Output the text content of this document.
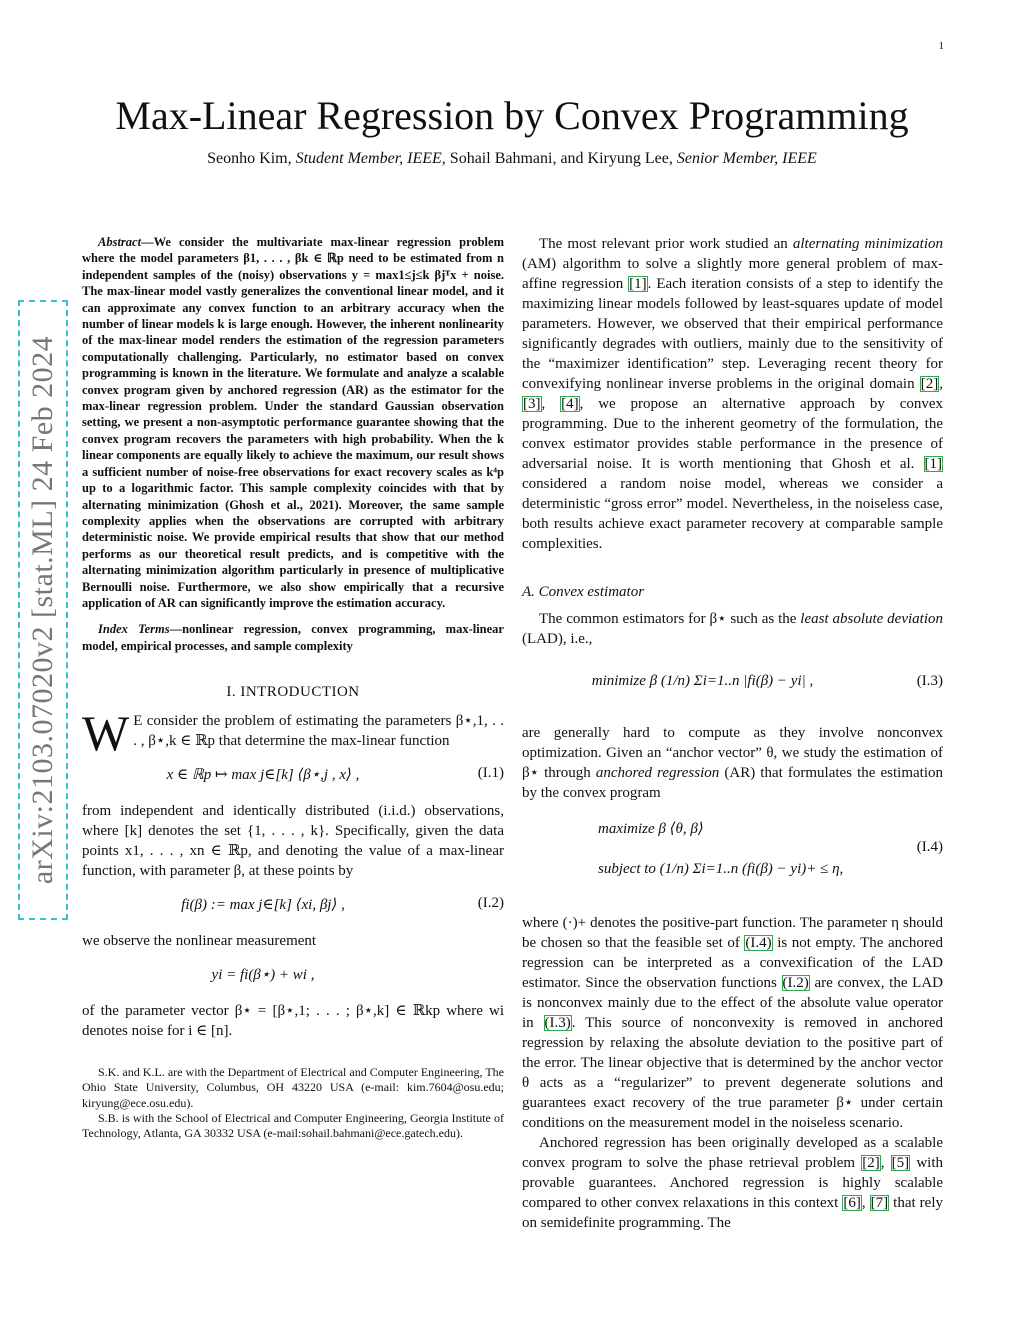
1
arXiv:2103.07020v2 [stat.ML] 24 Feb 2024
Max-Linear Regression by Convex Programming
Seonho Kim, Student Member, IEEE, Sohail Bahmani, and Kiryung Lee, Senior Member, IEEE

Abstract—We consider the multivariate max-linear regression problem where the model parameters β1, . . . , βk ∈ ℝp need to be estimated from n independent samples of the (noisy) observations y = max1≤j≤k βjᵀx + noise. The max-linear model vastly generalizes the conventional linear model, and it can approximate any convex function to an arbitrary accuracy when the number of linear models k is large enough. However, the inherent nonlinearity of the max-linear model renders the estimation of the regression parameters computationally challenging. Particularly, no estimator based on convex programming is known in the literature. We formulate and analyze a scalable convex program given by anchored regression (AR) as the estimator for the max-linear regression problem. Under the standard Gaussian observation setting, we present a non-asymptotic performance guarantee showing that the convex program recovers the parameters with high probability. When the k linear components are equally likely to achieve the maximum, our result shows a sufficient number of noise-free observations for exact recovery scales as k⁴p up to a logarithmic factor. This sample complexity coincides with that by alternating minimization (Ghosh et al., 2021). Moreover, the same sample complexity applies when the observations are corrupted with arbitrary deterministic noise. We provide empirical results that show that our method performs as our theoretical result predicts, and is competitive with the alternating minimization algorithm particularly in presence of multiplicative Bernoulli noise. Furthermore, we also show empirically that a recursive application of AR can significantly improve the estimation accuracy.

Index Terms—nonlinear regression, convex programming, max-linear model, empirical processes, and sample complexity

I. INTRODUCTION

W E consider the problem of estimating the parameters β⋆,1, . . . , β⋆,k ∈ ℝp that determine the max-linear function

x ∈ ℝp ↦ max j∈[k] ⟨β⋆,j , x⟩ ,	(I.1)

from independent and identically distributed (i.i.d.) observations, where [k] denotes the set {1, . . . , k}. Specifically, given the data points x1, . . . , xn ∈ ℝp, and denoting the value of a max-linear function, with parameter β, at these points by

fi(β) := max j∈[k] ⟨xi, βj⟩ ,	(I.2)

we observe the nonlinear measurement

yi = fi(β⋆) + wi ,

of the parameter vector β⋆ = [β⋆,1; . . . ; β⋆,k] ∈ ℝkp where wi denotes noise for i ∈ [n].

S.K. and K.L. are with the Department of Electrical and Computer Engineering, The Ohio State University, Columbus, OH 43220 USA (e-mail: kim.7604@osu.edu; kiryung@ece.osu.edu).

S.B. is with the School of Electrical and Computer Engineering, Georgia Institute of Technology, Atlanta, GA 30332 USA (e-mail:sohail.bahmani@ece.gatech.edu).

The most relevant prior work studied an alternating minimization (AM) algorithm to solve a slightly more general problem of max-affine regression [1]. Each iteration consists of a step to identify the maximizing linear models followed by least-squares update of model parameters. However, we observed that their empirical performance significantly degrades with outliers, mainly due to the sensitivity of the “maximizer identification” step. Leveraging recent theory for convexifying nonlinear inverse problems in the original domain [2], [3], [4], we propose an alternative approach by convex programming. Due to the inherent geometry of the formulation, the convex estimator provides stable performance in the presence of adversarial noise. It is worth mentioning that Ghosh et al. [1] considered a random noise model, whereas we consider a deterministic “gross error” model. Nevertheless, in the noiseless case, both results achieve exact parameter recovery at comparable sample complexities.

A. Convex estimator

The common estimators for β⋆ such as the least absolute deviation (LAD), i.e.,

minimize β (1/n) Σi=1..n |fi(β) − yi| ,	(I.3)

are generally hard to compute as they involve nonconvex optimization. Given an “anchor vector” θ, we study the estimation of β⋆ through anchored regression (AR) that formulates the estimation by the convex program

maximize β ⟨θ, β⟩
subject to (1/n) Σi=1..n (fi(β) − yi)+ ≤ η,
(I.4)

where (·)+ denotes the positive-part function. The parameter η should be chosen so that the feasible set of (I.4) is not empty. The anchored regression can be interpreted as a convexification of the LAD estimator. Since the observation functions (I.2) are convex, the LAD is nonconvex mainly due to the effect of the absolute value operator in (I.3). This source of nonconvexity is removed in anchored regression by relaxing the absolute deviation to the positive part of the error. The linear objective that is determined by the anchor vector θ acts as a “regularizer” to prevent degenerate solutions and guarantees exact recovery of the true parameter β⋆ under certain conditions on the measurement model in the noiseless scenario.

Anchored regression has been originally developed as a scalable convex program to solve the phase retrieval problem [2], [5] with provable guarantees. Anchored regression is highly scalable compared to other convex relaxations in this context [6], [7] that rely on semidefinite programming. The
